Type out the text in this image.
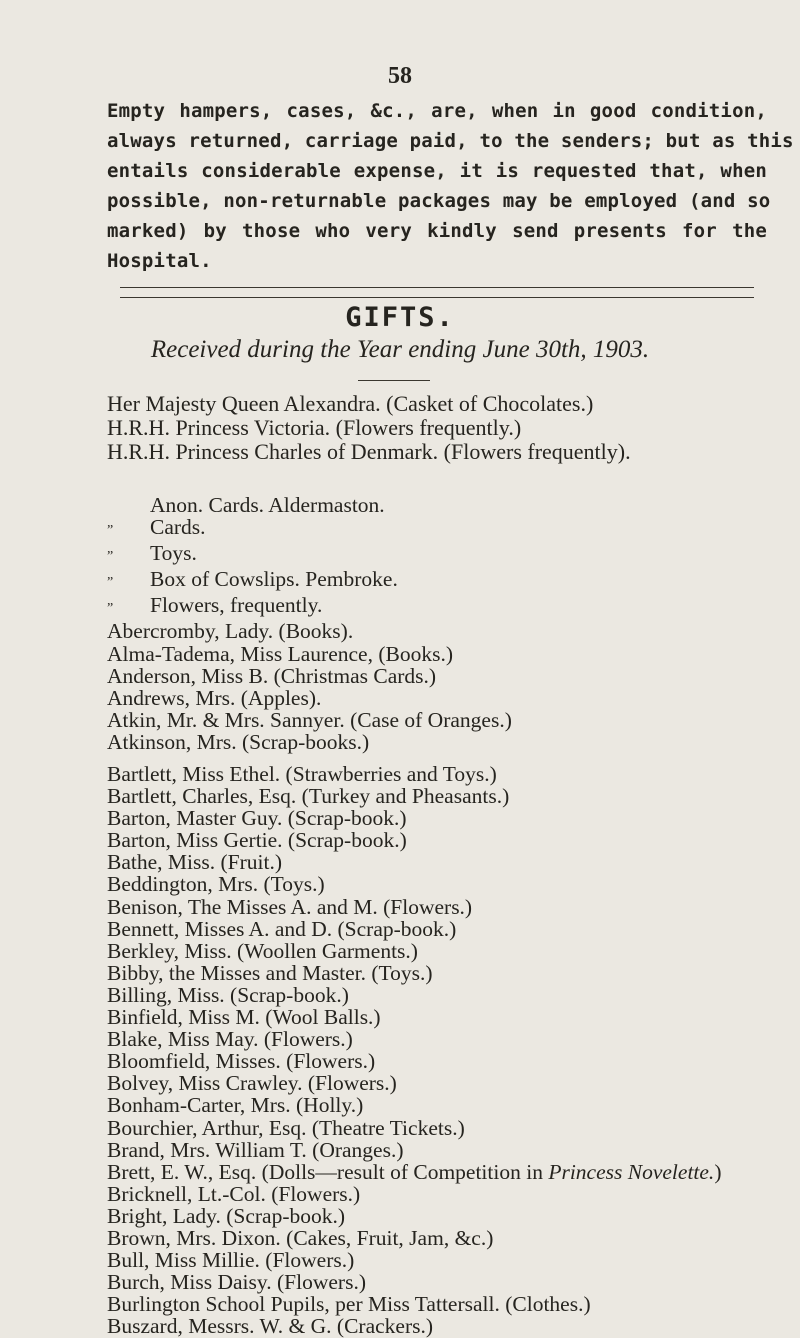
58
Empty hampers, cases, &c., are, when in good condition,
always returned, carriage paid, to the senders; but as this
entails considerable expense, it is requested that, when
possible, non-returnable packages may be employed (and so
marked) by those who very kindly send presents for the
Hospital.
GIFTS.
Received during the Year ending June 30th, 1903.
Her Majesty Queen Alexandra. (Casket of Chocolates.)
H.R.H. Princess Victoria. (Flowers frequently.)
H.R.H. Princess Charles of Denmark. (Flowers frequently).
Anon. Cards. Aldermaston.
” Cards.
” Toys.
” Box of Cowslips. Pembroke.
” Flowers, frequently.
Abercromby, Lady. (Books).
Alma-Tadema, Miss Laurence, (Books.)
Anderson, Miss B. (Christmas Cards.)
Andrews, Mrs. (Apples).
Atkin, Mr. & Mrs. Sannyer. (Case of Oranges.)
Atkinson, Mrs. (Scrap-books.)
Bartlett, Miss Ethel. (Strawberries and Toys.)
Bartlett, Charles, Esq. (Turkey and Pheasants.)
Barton, Master Guy. (Scrap-book.)
Barton, Miss Gertie. (Scrap-book.)
Bathe, Miss. (Fruit.)
Beddington, Mrs. (Toys.)
Benison, The Misses A. and M. (Flowers.)
Bennett, Misses A. and D. (Scrap-book.)
Berkley, Miss. (Woollen Garments.)
Bibby, the Misses and Master. (Toys.)
Billing, Miss. (Scrap-book.)
Binfield, Miss M. (Wool Balls.)
Blake, Miss May. (Flowers.)
Bloomfield, Misses. (Flowers.)
Bolvey, Miss Crawley. (Flowers.)
Bonham-Carter, Mrs. (Holly.)
Bourchier, Arthur, Esq. (Theatre Tickets.)
Brand, Mrs. William T. (Oranges.)
Brett, E. W., Esq. (Dolls—result of Competition in Princess Novelette.)
Bricknell, Lt.-Col. (Flowers.)
Bright, Lady. (Scrap-book.)
Brown, Mrs. Dixon. (Cakes, Fruit, Jam, &c.)
Bull, Miss Millie. (Flowers.)
Burch, Miss Daisy. (Flowers.)
Burlington School Pupils, per Miss Tattersall. (Clothes.)
Buszard, Messrs. W. & G. (Crackers.)
